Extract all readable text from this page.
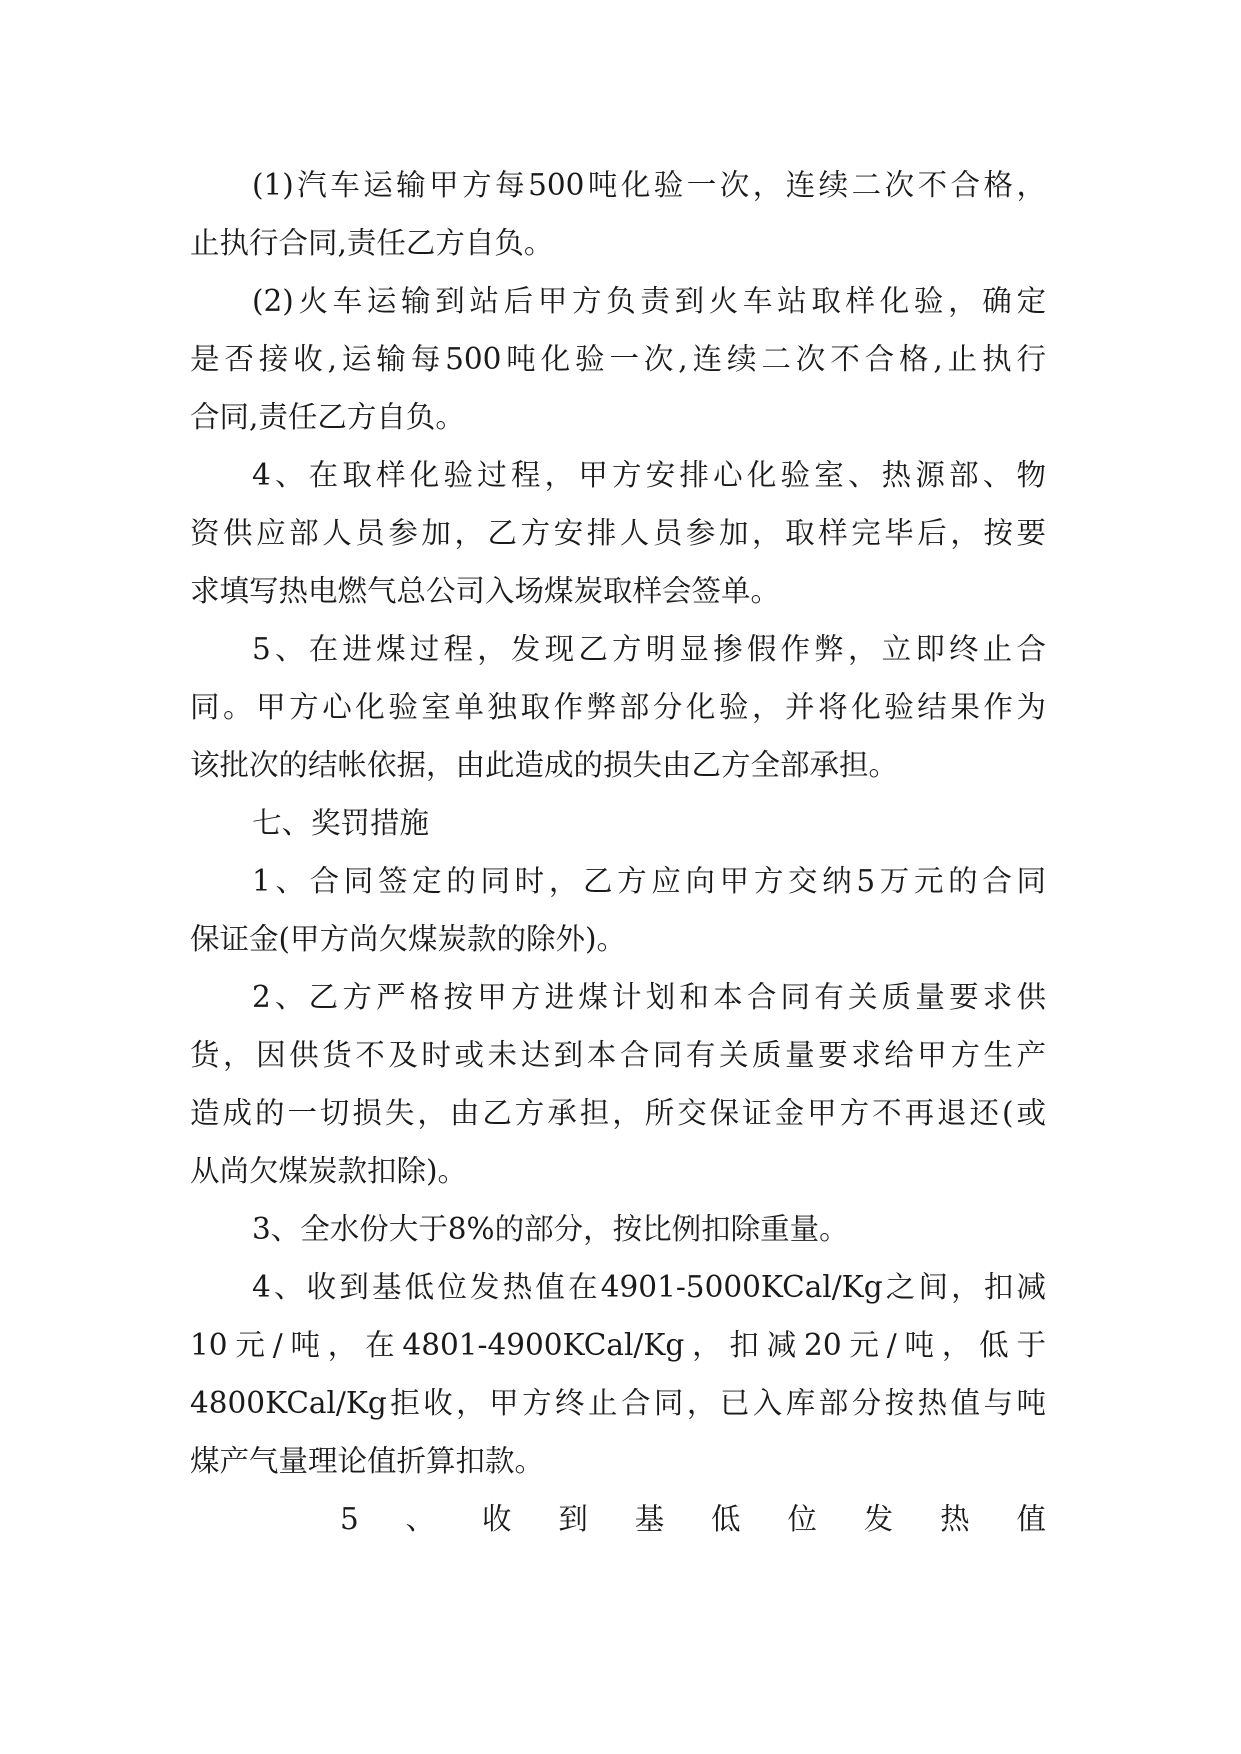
(1)汽车运输甲方每500吨化验一次，连续二次不合格，

止执行合同,责任乙方自负。

(2)火车运输到站后甲方负责到火车站取样化验，确定

是否接收,运输每500吨化验一次,连续二次不合格,止执行

合同,责任乙方自负。

4、在取样化验过程，甲方安排心化验室、热源部、物

资供应部人员参加，乙方安排人员参加，取样完毕后，按要

求填写热电燃气总公司入场煤炭取样会签单。

5、在进煤过程，发现乙方明显掺假作弊，立即终止合

同。甲方心化验室单独取作弊部分化验，并将化验结果作为

该批次的结帐依据，由此造成的损失由乙方全部承担。

七、奖罚措施

1、合同签定的同时，乙方应向甲方交纳5万元的合同

保证金(甲方尚欠煤炭款的除外)。

2、乙方严格按甲方进煤计划和本合同有关质量要求供

货，因供货不及时或未达到本合同有关质量要求给甲方生产

造成的一切损失，由乙方承担，所交保证金甲方不再退还(或

从尚欠煤炭款扣除)。

3、全水份大于8%的部分，按比例扣除重量。

4、收到基低位发热值在4901-5000KCal/Kg之间，扣减

10元/吨，在4801-4900KCal/Kg，扣减20元/吨，低于

4800KCal/Kg拒收，甲方终止合同，已入库部分按热值与吨

煤产气量理论值折算扣款。

5、收到基低位发热值
